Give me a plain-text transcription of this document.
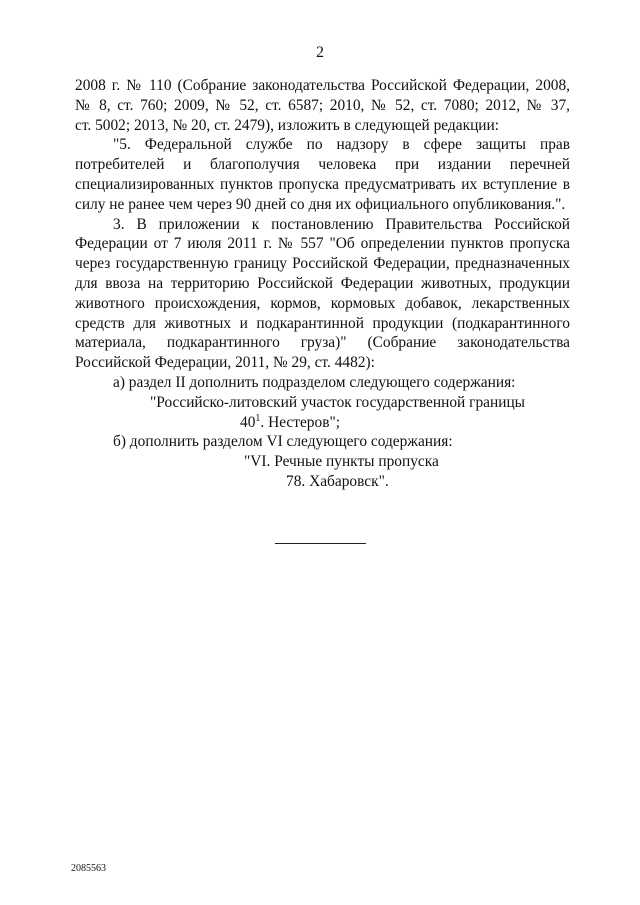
2
2008 г. № 110 (Собрание законодательства Российской Федерации, 2008,
№ 8, ст. 760; 2009, № 52, ст. 6587; 2010, № 52, ст. 7080; 2012, № 37,
ст. 5002; 2013, № 20, ст. 2479), изложить в следующей редакции:
"5. Федеральной службе по надзору в сфере защиты прав
потребителей и благополучия человека при издании перечней
специализированных пунктов пропуска предусматривать их вступление в
силу не ранее чем через 90 дней со дня их официального опубликования.".
3. В приложении к постановлению Правительства Российской
Федерации от 7 июля 2011 г. № 557 "Об определении пунктов пропуска
через государственную границу Российской Федерации, предназначенных
для ввоза на территорию Российской Федерации животных, продукции
животного происхождения, кормов, кормовых добавок, лекарственных
средств для животных и подкарантинной продукции (подкарантинного
материала, подкарантинного груза)" (Собрание законодательства
Российской Федерации, 2011, № 29, ст. 4482):
а) раздел II дополнить подразделом следующего содержания:
"Российско-литовский участок государственной границы
$40^1$. Нестеров";
б) дополнить разделом VI следующего содержания:
"VI. Речные пункты пропуска
78. Хабаровск".
2085563
